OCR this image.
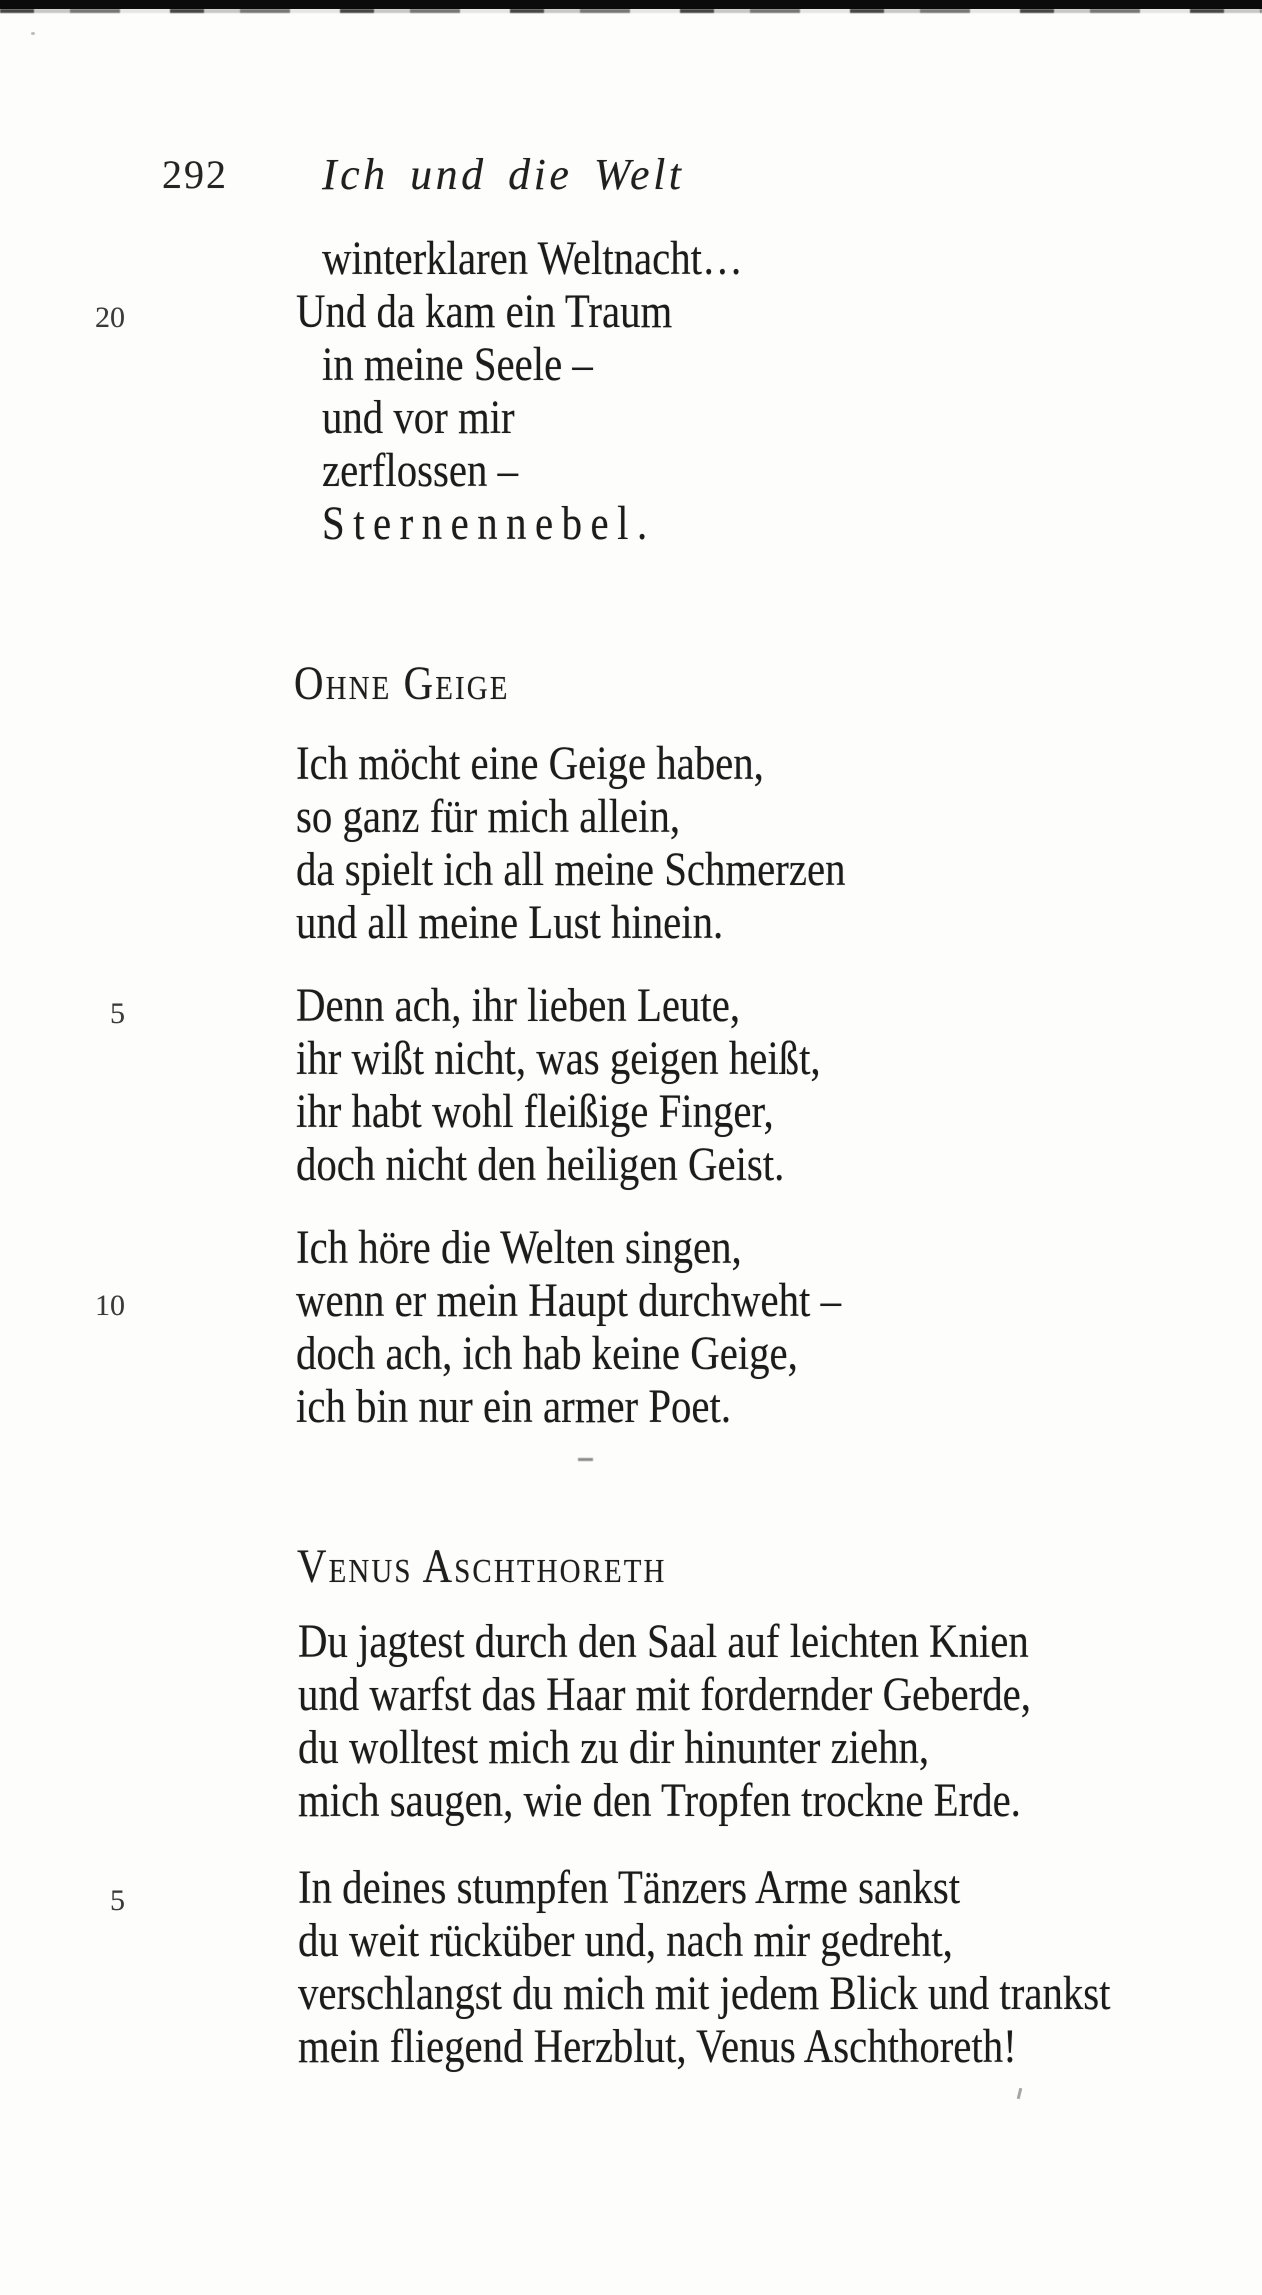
292 Ich und die Welt
winterklaren Weltnacht…
Und da kam ein Traum
in meine Seele –
und vor mir
zerflossen –
Sternennebel.
20
Ohne Geige
Ich möcht eine Geige haben,
so ganz für mich allein,
da spielt ich all meine Schmerzen
und all meine Lust hinein.
Denn ach, ihr lieben Leute,
ihr wißt nicht, was geigen heißt,
ihr habt wohl fleißige Finger,
doch nicht den heiligen Geist.
Ich höre die Welten singen,
wenn er mein Haupt durchweht –
doch ach, ich hab keine Geige,
ich bin nur ein armer Poet.
5
10
Venus Aschthoreth
Du jagtest durch den Saal auf leichten Knien
und warfst das Haar mit fordernder Geberde,
du wolltest mich zu dir hinunter ziehn,
mich saugen, wie den Tropfen trockne Erde.
In deines stumpfen Tänzers Arme sankst
du weit rücküber und, nach mir gedreht,
verschlangst du mich mit jedem Blick und trankst
mein fliegend Herzblut, Venus Aschthoreth!
5
